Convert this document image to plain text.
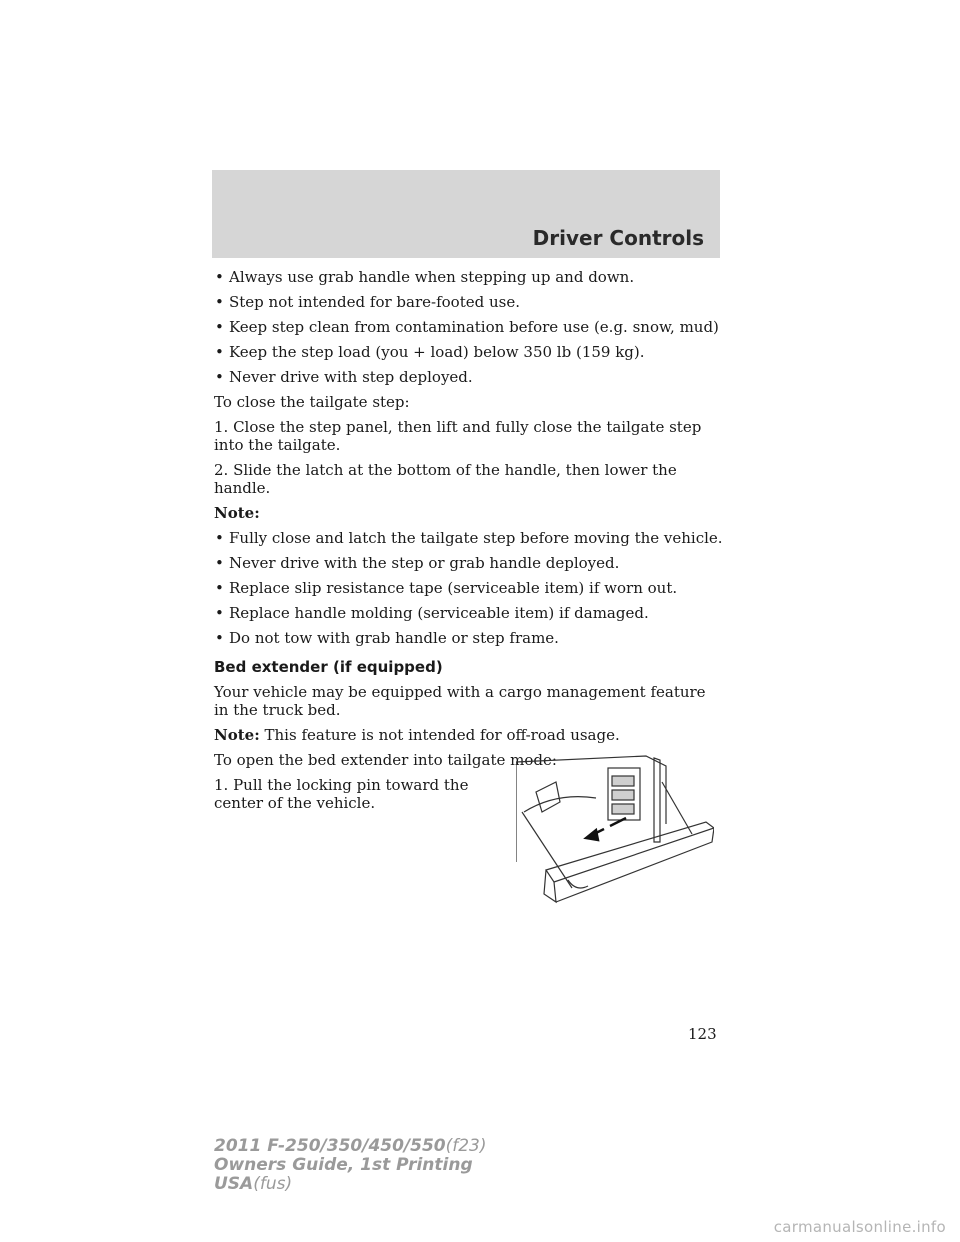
Driver Controls
• Always use grab handle when stepping up and down.
• Step not intended for bare-footed use.
• Keep step clean from contamination before use (e.g. snow, mud)
• Keep the step load (you + load) below 350 lb (159 kg).
• Never drive with step deployed.

To close the tailgate step:

1. Close the step panel, then lift and fully close the tailgate step into the tailgate.

2. Slide the latch at the bottom of the handle, then lower the handle.

Note:

• Fully close and latch the tailgate step before moving the vehicle.
• Never drive with the step or grab handle deployed.
• Replace slip resistance tape (serviceable item) if worn out.
• Replace handle molding (serviceable item) if damaged.
• Do not tow with grab handle or step frame.
Bed extender (if equipped)

Your vehicle may be equipped with a cargo management feature in the truck bed.

Note: This feature is not intended for off-road usage.

To open the bed extender into tailgate mode:

1. Pull the locking pin toward the center of the vehicle.

123
2011 F-250/350/450/550(f23)
Owners Guide, 1st Printing
USA(fus)
carmanualsonline.info
